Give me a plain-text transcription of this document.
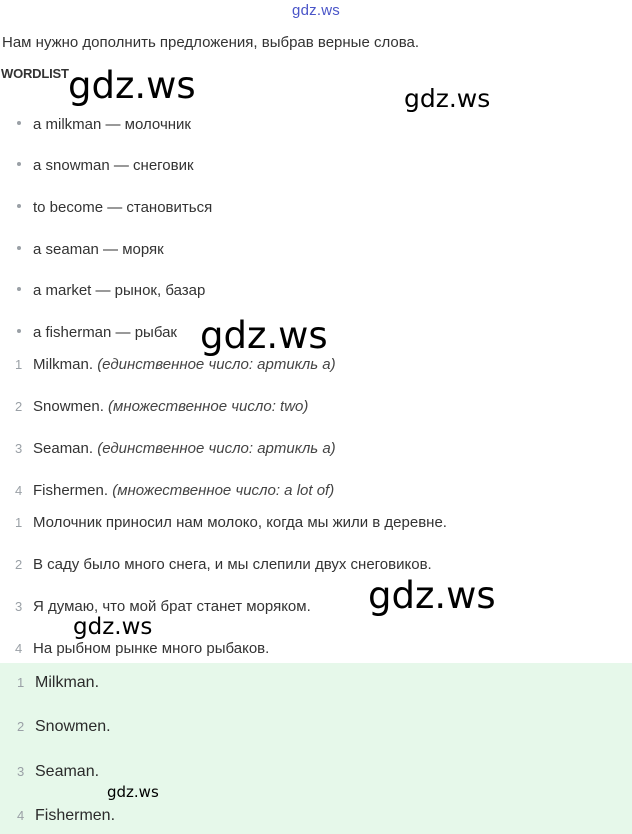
gdz.ws
Нам нужно дополнить предложения, выбрав верные слова.
WORDLIST
a milkman — молочник
a snowman — снеговик
to become — становиться
a seaman — моряк
a market — рынок, базар
a fisherman — рыбак
1 Milkman. (единственное число: артикль a)
2 Snowmen. (множественное число: two)
3 Seaman. (единственное число: артикль a)
4 Fishermen. (множественное число: a lot of)
1 Молочник приносил нам молоко, когда мы жили в деревне.
2 В саду было много снега, и мы слепили двух снеговиков.
3 Я думаю, что мой брат станет моряком.
4 На рыбном рынке много рыбаков.
1 Milkman.
2 Snowmen.
3 Seaman.
4 Fishermen.
gdz.ws	gdz.ws
gdz.ws
gdz.ws
gdz.ws
gdz.ws
